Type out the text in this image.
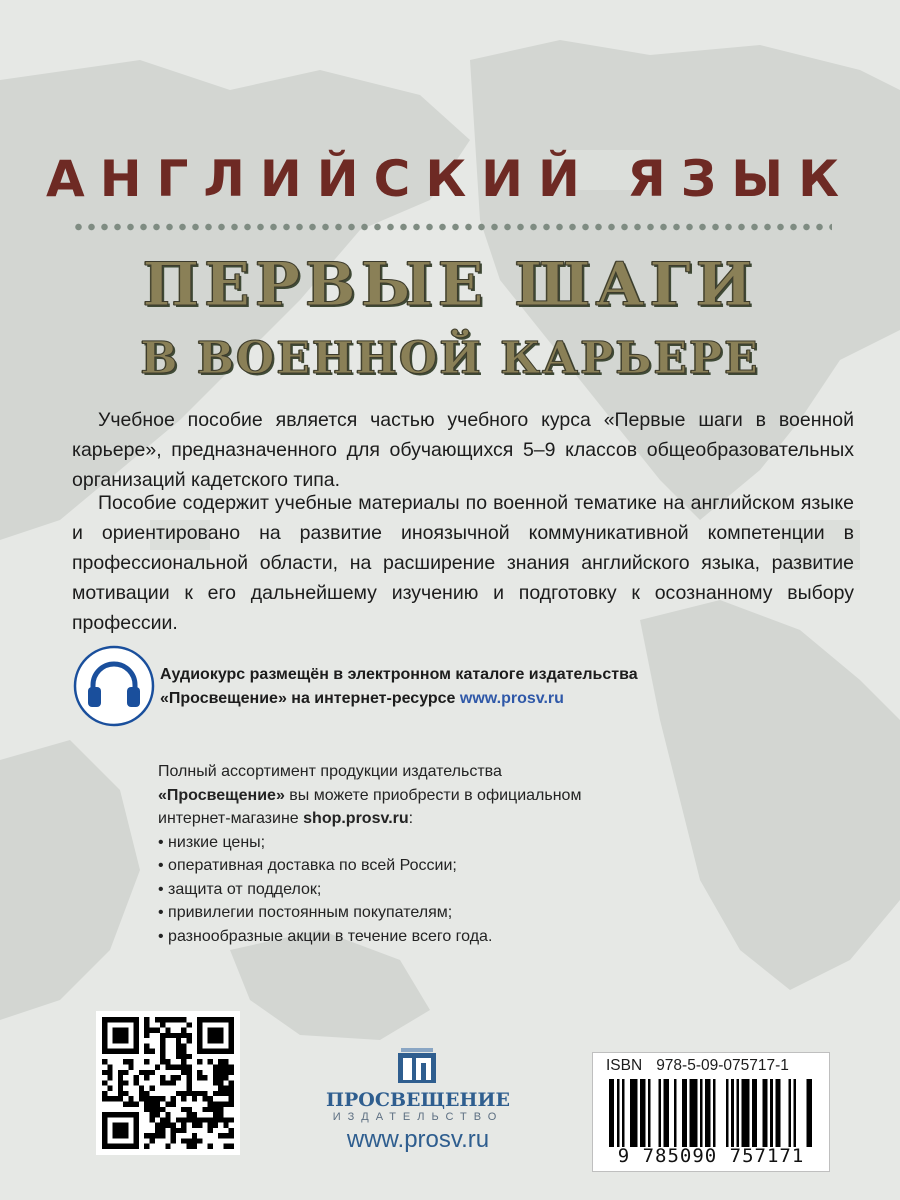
АНГЛИЙСКИЙ ЯЗЫК
ПЕРВЫЕ ШАГИ
В ВОЕННОЙ КАРЬЕРЕ
Учебное пособие является частью учебного курса «Первые шаги в военной карьере», предназначенного для обучающихся 5–9 классов общеобразовательных организаций кадетского типа.
Пособие содержит учебные материалы по военной тематике на английском языке и ориентировано на развитие иноязычной коммуникативной компетенции в профессиональной области, на расширение знания английского языка, развитие мотивации к его дальнейшему изучению и подготовку к осознанному выбору профессии.
Аудиокурс размещён в электронном каталоге издательства
«Просвещение» на интернет-ресурсе www.prosv.ru
Полный ассортимент продукции издательства
«Просвещение» вы можете приобрести в официальном
интернет-магазине shop.prosv.ru:
• низкие цены;
• оперативная доставка по всей России;
• защита от подделок;
• привилегии постоянным покупателям;
• разнообразные акции в течение всего года.
ПРОСВЕЩЕНИЕ
ИЗДАТЕЛЬСТВО
www.prosv.ru
ISBN 978-5-09-075717-1
9 785090 757171
